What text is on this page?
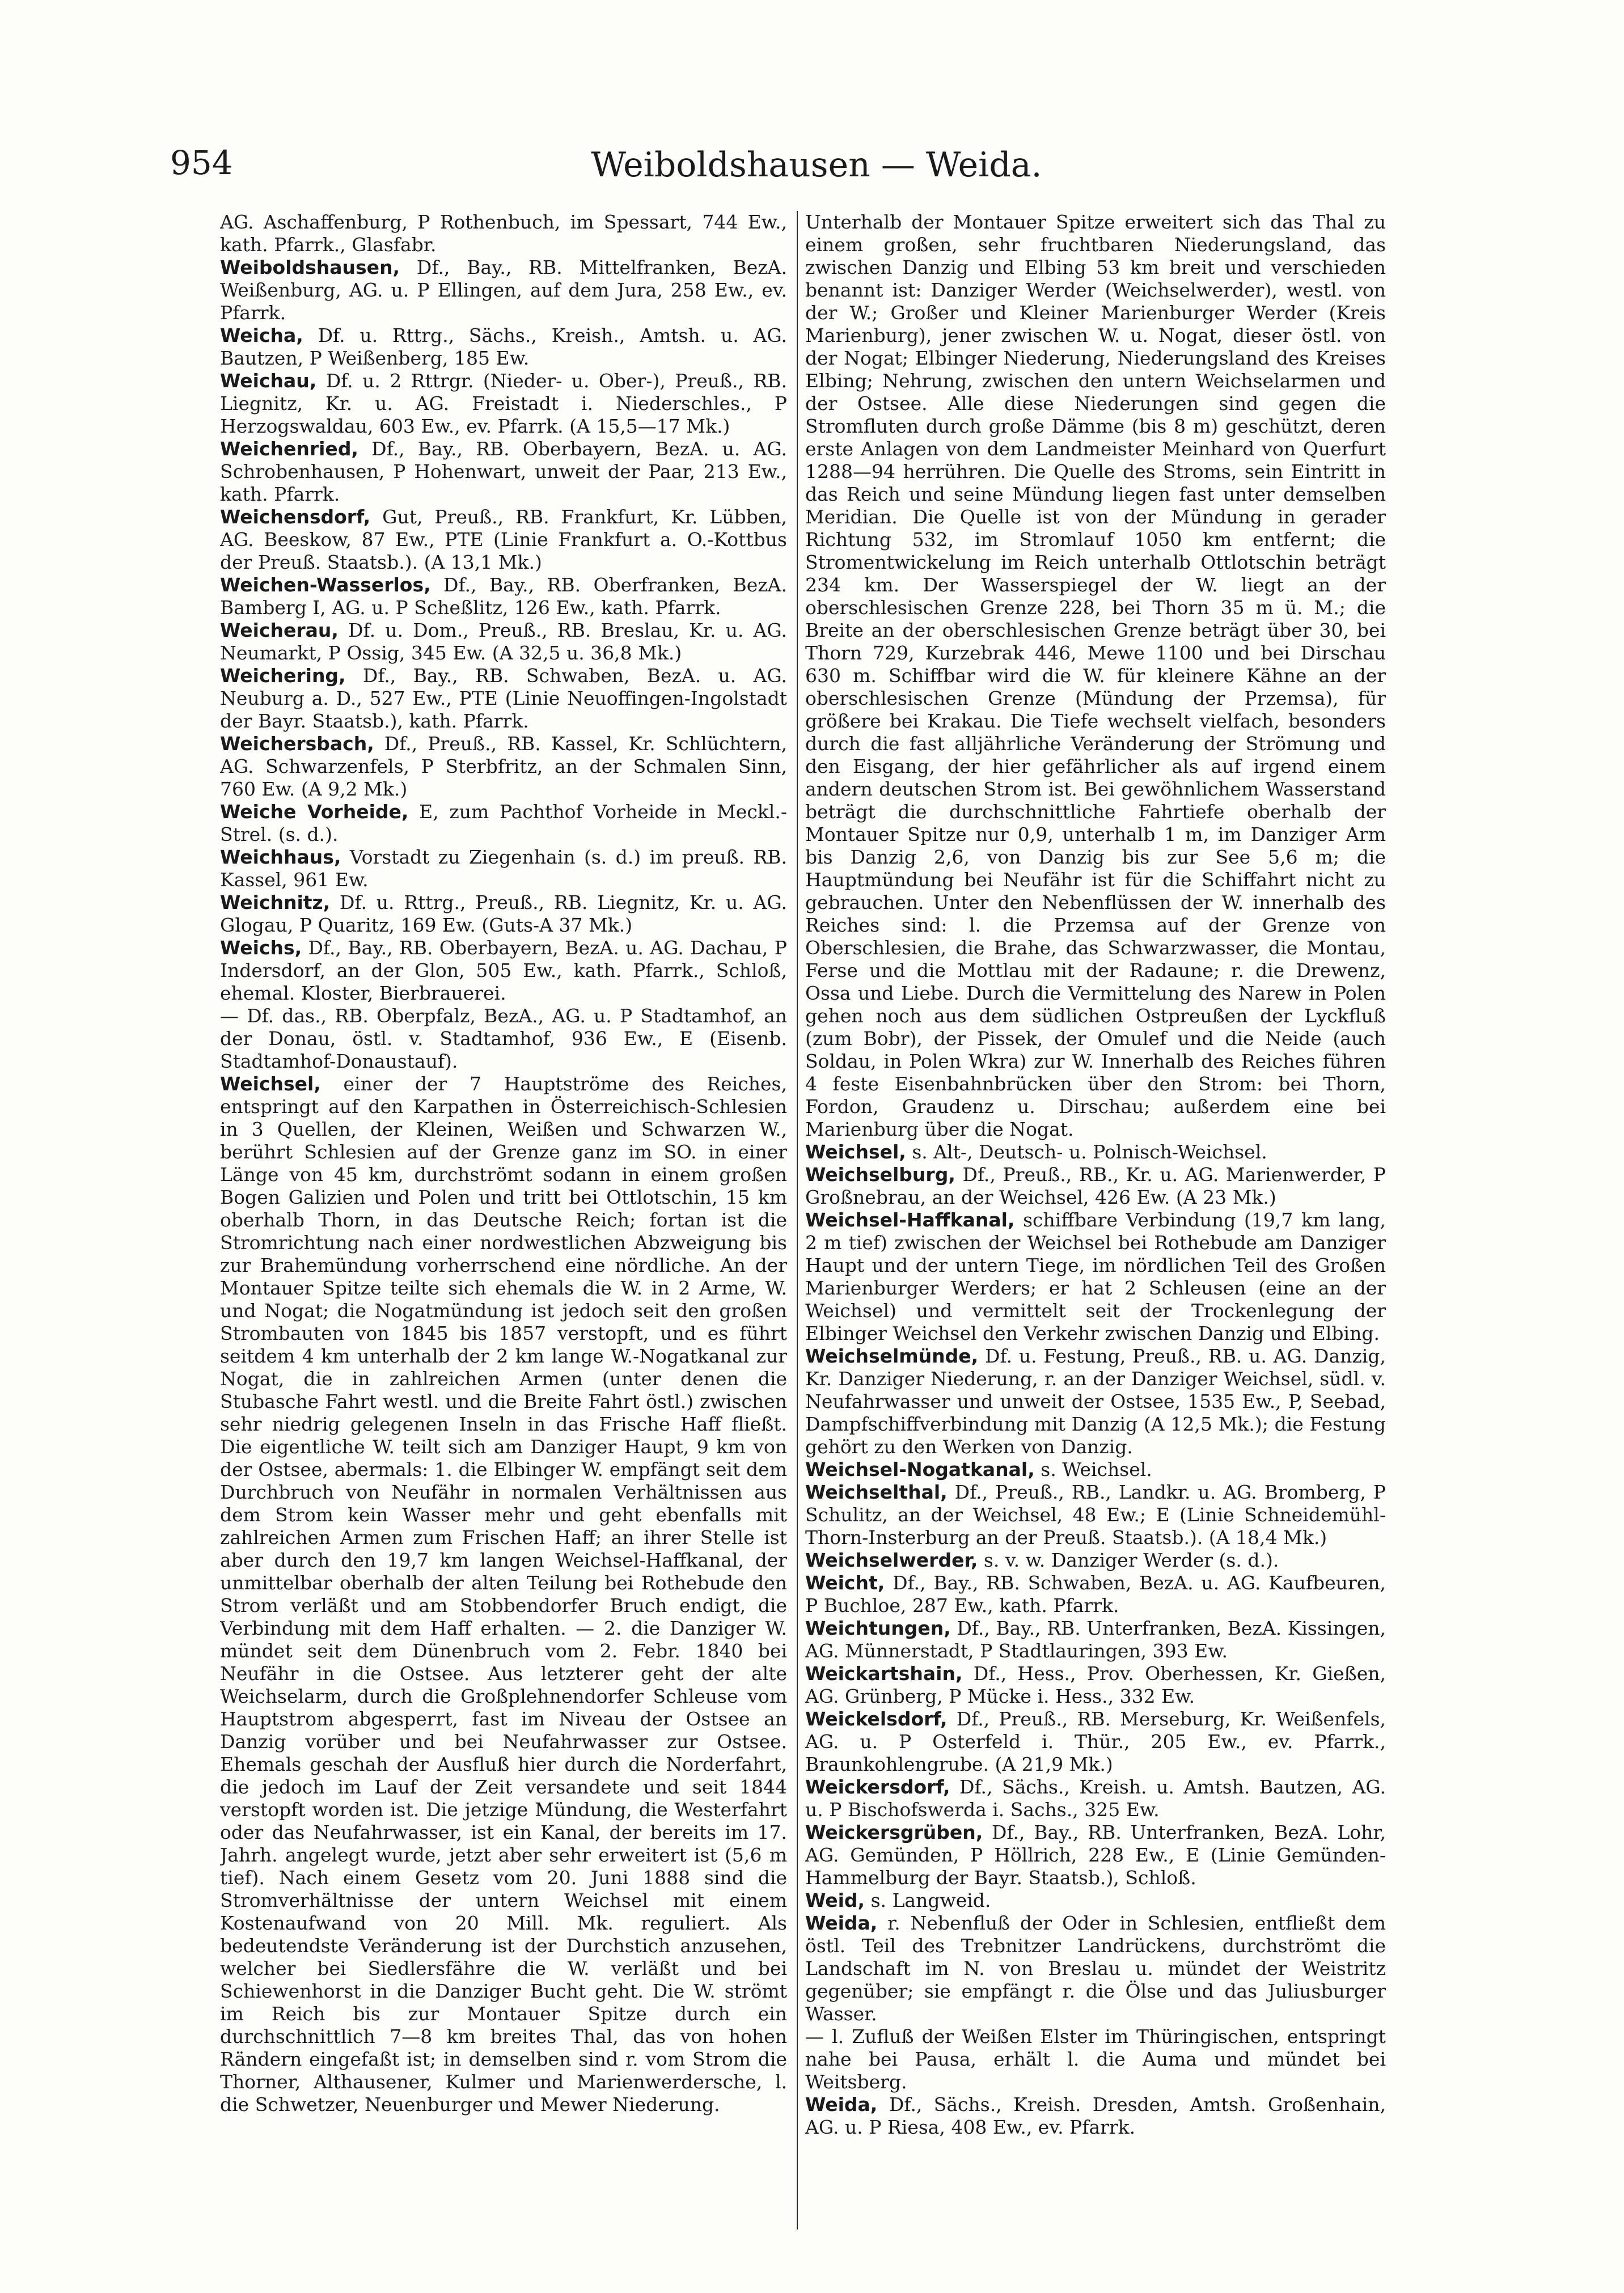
954	Weiboldshausen — Weida.

AG. Aschaffenburg, P Rothenbuch, im Spessart, 744 Ew., kath. Pfarrk., Glasfabr.

Weiboldshausen, Df., Bay., RB. Mittelfranken, BezA. Weißenburg, AG. u. P Ellingen, auf dem Jura, 258 Ew., ev. Pfarrk.

Weicha, Df. u. Rttrg., Sächs., Kreish., Amtsh. u. AG. Bautzen, P Weißenberg, 185 Ew.

Weichau, Df. u. 2 Rttrgr. (Nieder- u. Ober-), Preuß., RB. Liegnitz, Kr. u. AG. Freistadt i. Niederschles., P Herzogswaldau, 603 Ew., ev. Pfarrk. (A 15,5—17 Mk.)

Weichenried, Df., Bay., RB. Oberbayern, BezA. u. AG. Schrobenhausen, P Hohenwart, unweit der Paar, 213 Ew., kath. Pfarrk.

Weichensdorf, Gut, Preuß., RB. Frankfurt, Kr. Lübben, AG. Beeskow, 87 Ew., PTE (Linie Frankfurt a. O.-Kottbus der Preuß. Staatsb.). (A 13,1 Mk.)

Weichen-Wasserlos, Df., Bay., RB. Oberfranken, BezA. Bamberg I, AG. u. P Scheßlitz, 126 Ew., kath. Pfarrk.

Weicherau, Df. u. Dom., Preuß., RB. Breslau, Kr. u. AG. Neumarkt, P Ossig, 345 Ew. (A 32,5 u. 36,8 Mk.)

Weichering, Df., Bay., RB. Schwaben, BezA. u. AG. Neuburg a. D., 527 Ew., PTE (Linie Neuoffingen-Ingolstadt der Bayr. Staatsb.), kath. Pfarrk.

Weichersbach, Df., Preuß., RB. Kassel, Kr. Schlüchtern, AG. Schwarzenfels, P Sterbfritz, an der Schmalen Sinn, 760 Ew. (A 9,2 Mk.)

Weiche Vorheide, E, zum Pachthof Vorheide in Meckl.-Strel. (s. d.).

Weichhaus, Vorstadt zu Ziegenhain (s. d.) im preuß. RB. Kassel, 961 Ew.

Weichnitz, Df. u. Rttrg., Preuß., RB. Liegnitz, Kr. u. AG. Glogau, P Quaritz, 169 Ew. (Guts-A 37 Mk.)

Weichs, Df., Bay., RB. Oberbayern, BezA. u. AG. Dachau, P Indersdorf, an der Glon, 505 Ew., kath. Pfarrk., Schloß, ehemal. Kloster, Bierbrauerei.

— Df. das., RB. Oberpfalz, BezA., AG. u. P Stadtamhof, an der Donau, östl. v. Stadtamhof, 936 Ew., E (Eisenb. Stadtamhof-Donaustauf).

Weichsel, einer der 7 Hauptströme des Reiches, entspringt auf den Karpathen in Österreichisch-Schlesien in 3 Quellen, der Kleinen, Weißen und Schwarzen W., berührt Schlesien auf der Grenze ganz im SO. in einer Länge von 45 km, durchströmt sodann in einem großen Bogen Galizien und Polen und tritt bei Ottlotschin, 15 km oberhalb Thorn, in das Deutsche Reich; fortan ist die Stromrichtung nach einer nordwestlichen Abzweigung bis zur Brahemündung vorherrschend eine nördliche. An der Montauer Spitze teilte sich ehemals die W. in 2 Arme, W. und Nogat; die Nogatmündung ist jedoch seit den großen Strombauten von 1845 bis 1857 verstopft, und es führt seitdem 4 km unterhalb der 2 km lange W.-Nogatkanal zur Nogat, die in zahlreichen Armen (unter denen die Stubasche Fahrt westl. und die Breite Fahrt östl.) zwischen sehr niedrig gelegenen Inseln in das Frische Haff fließt. Die eigentliche W. teilt sich am Danziger Haupt, 9 km von der Ostsee, abermals: 1. die Elbinger W. empfängt seit dem Durchbruch von Neufähr in normalen Verhältnissen aus dem Strom kein Wasser mehr und geht ebenfalls mit zahlreichen Armen zum Frischen Haff; an ihrer Stelle ist aber durch den 19,7 km langen Weichsel-Haffkanal, der unmittelbar oberhalb der alten Teilung bei Rothebude den Strom verläßt und am Stobbendorfer Bruch endigt, die Verbindung mit dem Haff erhalten. — 2. die Danziger W. mündet seit dem Dünenbruch vom 2. Febr. 1840 bei Neufähr in die Ostsee. Aus letzterer geht der alte Weichselarm, durch die Großplehnendorfer Schleuse vom Hauptstrom abgesperrt, fast im Niveau der Ostsee an Danzig vorüber und bei Neufahrwasser zur Ostsee. Ehemals geschah der Ausfluß hier durch die Norderfahrt, die jedoch im Lauf der Zeit versandete und seit 1844 verstopft worden ist. Die jetzige Mündung, die Westerfahrt oder das Neufahrwasser, ist ein Kanal, der bereits im 17. Jahrh. angelegt wurde, jetzt aber sehr erweitert ist (5,6 m tief). Nach einem Gesetz vom 20. Juni 1888 sind die Stromverhältnisse der untern Weichsel mit einem Kostenaufwand von 20 Mill. Mk. reguliert. Als bedeutendste Veränderung ist der Durchstich anzusehen, welcher bei Siedlersfähre die W. verläßt und bei Schiewenhorst in die Danziger Bucht geht. Die W. strömt im Reich bis zur Montauer Spitze durch ein durchschnittlich 7—8 km breites Thal, das von hohen Rändern eingefaßt ist; in demselben sind r. vom Strom die Thorner, Althausener, Kulmer und Marienwerdersche, l. die Schwetzer, Neuenburger und Mewer Niederung.

Unterhalb der Montauer Spitze erweitert sich das Thal zu einem großen, sehr fruchtbaren Niederungsland, das zwischen Danzig und Elbing 53 km breit und verschieden benannt ist: Danziger Werder (Weichselwerder), westl. von der W.; Großer und Kleiner Marienburger Werder (Kreis Marienburg), jener zwischen W. u. Nogat, dieser östl. von der Nogat; Elbinger Niederung, Niederungsland des Kreises Elbing; Nehrung, zwischen den untern Weichselarmen und der Ostsee. Alle diese Niederungen sind gegen die Stromfluten durch große Dämme (bis 8 m) geschützt, deren erste Anlagen von dem Landmeister Meinhard von Querfurt 1288—94 herrühren. Die Quelle des Stroms, sein Eintritt in das Reich und seine Mündung liegen fast unter demselben Meridian. Die Quelle ist von der Mündung in gerader Richtung 532, im Stromlauf 1050 km entfernt; die Stromentwickelung im Reich unterhalb Ottlotschin beträgt 234 km. Der Wasserspiegel der W. liegt an der oberschlesischen Grenze 228, bei Thorn 35 m ü. M.; die Breite an der oberschlesischen Grenze beträgt über 30, bei Thorn 729, Kurzebrak 446, Mewe 1100 und bei Dirschau 630 m. Schiffbar wird die W. für kleinere Kähne an der oberschlesischen Grenze (Mündung der Przemsa), für größere bei Krakau. Die Tiefe wechselt vielfach, besonders durch die fast alljährliche Veränderung der Strömung und den Eisgang, der hier gefährlicher als auf irgend einem andern deutschen Strom ist. Bei gewöhnlichem Wasserstand beträgt die durchschnittliche Fahrtiefe oberhalb der Montauer Spitze nur 0,9, unterhalb 1 m, im Danziger Arm bis Danzig 2,6, von Danzig bis zur See 5,6 m; die Hauptmündung bei Neufähr ist für die Schiffahrt nicht zu gebrauchen. Unter den Nebenflüssen der W. innerhalb des Reiches sind: l. die Przemsa auf der Grenze von Oberschlesien, die Brahe, das Schwarzwasser, die Montau, Ferse und die Mottlau mit der Radaune; r. die Drewenz, Ossa und Liebe. Durch die Vermittelung des Narew in Polen gehen noch aus dem südlichen Ostpreußen der Lyckfluß (zum Bobr), der Pissek, der Omulef und die Neide (auch Soldau, in Polen Wkra) zur W. Innerhalb des Reiches führen 4 feste Eisenbahnbrücken über den Strom: bei Thorn, Fordon, Graudenz u. Dirschau; außerdem eine bei Marienburg über die Nogat.

Weichsel, s. Alt-, Deutsch- u. Polnisch-Weichsel.

Weichselburg, Df., Preuß., RB., Kr. u. AG. Marienwerder, P Großnebrau, an der Weichsel, 426 Ew. (A 23 Mk.)

Weichsel-Haffkanal, schiffbare Verbindung (19,7 km lang, 2 m tief) zwischen der Weichsel bei Rothebude am Danziger Haupt und der untern Tiege, im nördlichen Teil des Großen Marienburger Werders; er hat 2 Schleusen (eine an der Weichsel) und vermittelt seit der Trockenlegung der Elbinger Weichsel den Verkehr zwischen Danzig und Elbing.

Weichselmünde, Df. u. Festung, Preuß., RB. u. AG. Danzig, Kr. Danziger Niederung, r. an der Danziger Weichsel, südl. v. Neufahrwasser und unweit der Ostsee, 1535 Ew., P, Seebad, Dampfschiffverbindung mit Danzig (A 12,5 Mk.); die Festung gehört zu den Werken von Danzig.

Weichsel-Nogatkanal, s. Weichsel.

Weichselthal, Df., Preuß., RB., Landkr. u. AG. Bromberg, P Schulitz, an der Weichsel, 48 Ew.; E (Linie Schneidemühl-Thorn-Insterburg an der Preuß. Staatsb.). (A 18,4 Mk.)

Weichselwerder, s. v. w. Danziger Werder (s. d.).

Weicht, Df., Bay., RB. Schwaben, BezA. u. AG. Kaufbeuren, P Buchloe, 287 Ew., kath. Pfarrk.

Weichtungen, Df., Bay., RB. Unterfranken, BezA. Kissingen, AG. Münnerstadt, P Stadtlauringen, 393 Ew.

Weickartshain, Df., Hess., Prov. Oberhessen, Kr. Gießen, AG. Grünberg, P Mücke i. Hess., 332 Ew.

Weickelsdorf, Df., Preuß., RB. Merseburg, Kr. Weißenfels, AG. u. P Osterfeld i. Thür., 205 Ew., ev. Pfarrk., Braunkohlengrube. (A 21,9 Mk.)

Weickersdorf, Df., Sächs., Kreish. u. Amtsh. Bautzen, AG. u. P Bischofswerda i. Sachs., 325 Ew.

Weickersgrüben, Df., Bay., RB. Unterfranken, BezA. Lohr, AG. Gemünden, P Höllrich, 228 Ew., E (Linie Gemünden-Hammelburg der Bayr. Staatsb.), Schloß.

Weid, s. Langweid.

Weida, r. Nebenfluß der Oder in Schlesien, entfließt dem östl. Teil des Trebnitzer Landrückens, durchströmt die Landschaft im N. von Breslau u. mündet der Weistritz gegenüber; sie empfängt r. die Ölse und das Juliusburger Wasser.

— l. Zufluß der Weißen Elster im Thüringischen, entspringt nahe bei Pausa, erhält l. die Auma und mündet bei Weitsberg.

Weida, Df., Sächs., Kreish. Dresden, Amtsh. Großenhain, AG. u. P Riesa, 408 Ew., ev. Pfarrk.
